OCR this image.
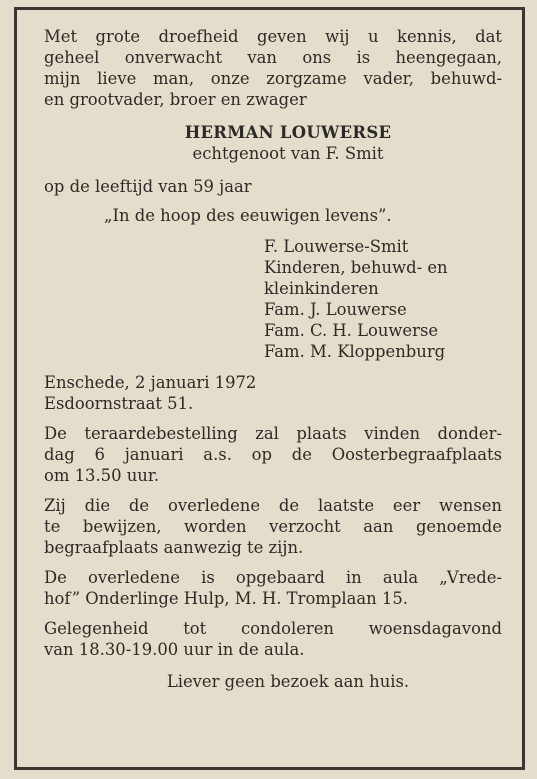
Met grote droefheid geven wij u kennis, dat
geheel onverwacht van ons is heengegaan,
mijn lieve man, onze zorgzame vader, behuwd-
en grootvader, broer en zwager
HERMAN LOUWERSE
echtgenoot van F. Smit
op de leeftijd van 59 jaar
„In de hoop des eeuwigen levens”.
F. Louwerse-Smit
Kinderen, behuwd- en
kleinkinderen
Fam. J. Louwerse
Fam. C. H. Louwerse
Fam. M. Kloppenburg
Enschede, 2 januari 1972
Esdoornstraat 51.
De teraardebestelling zal plaats vinden donder-
dag 6 januari a.s. op de Oosterbegraafplaats
om 13.50 uur.
Zij die de overledene de laatste eer wensen
te bewijzen, worden verzocht aan genoemde
begraafplaats aanwezig te zijn.
De overledene is opgebaard in aula „Vrede-
hof” Onderlinge Hulp, M. H. Tromplaan 15.
Gelegenheid tot condoleren woensdagavond
van 18.30-19.00 uur in de aula.
Liever geen bezoek aan huis.
